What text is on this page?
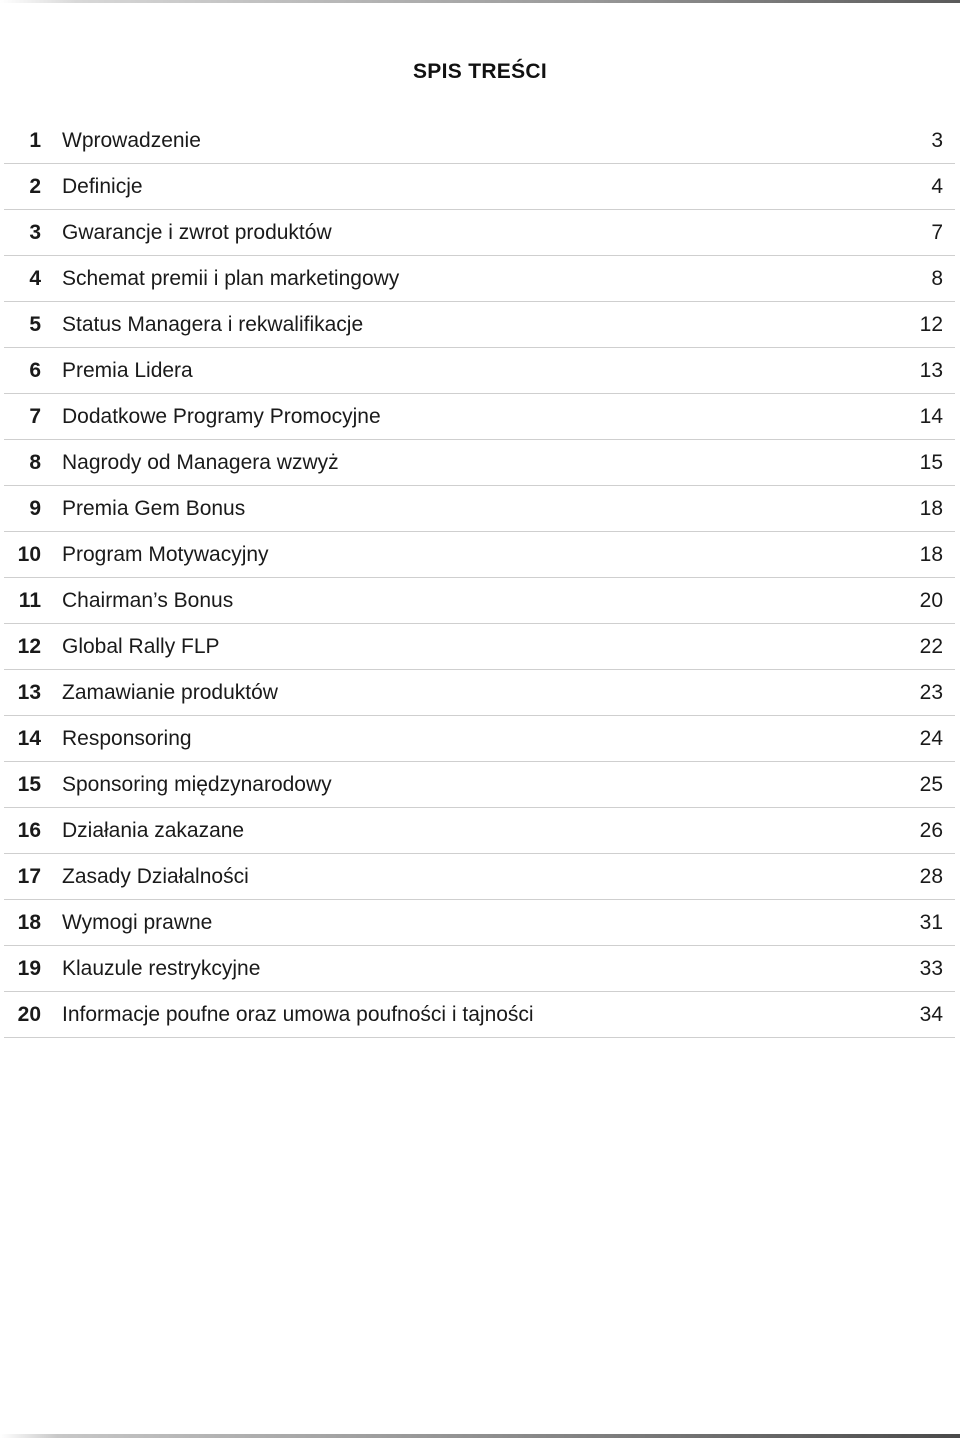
SPIS TREŚCI
1 Wprowadzenie	3
2 Definicje	4
3 Gwarancje i zwrot produktów	7
4 Schemat premii i plan marketingowy	8
5 Status Managera i rekwalifikacje	12
6 Premia Lidera	13
7 Dodatkowe Programy Promocyjne	14
8 Nagrody od Managera wzwyż	15
9 Premia Gem Bonus	18
10 Program Motywacyjny	18
11 Chairman’s Bonus	20
12 Global Rally FLP	22
13 Zamawianie produktów	23
14 Responsoring	24
15 Sponsoring międzynarodowy	25
16 Działania zakazane	26
17 Zasady Działalności	28
18 Wymogi prawne	31
19 Klauzule restrykcyjne	33
20 Informacje poufne oraz umowa poufności i tajności	34
